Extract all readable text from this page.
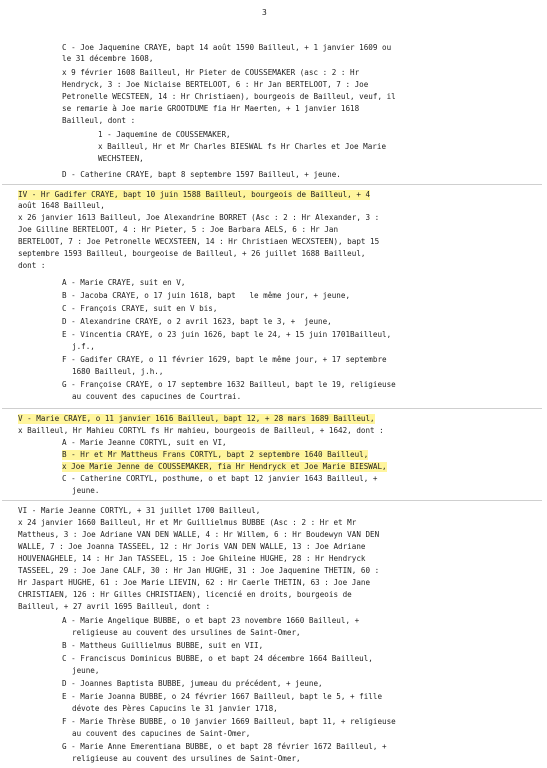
3
C - Joe Jaquemine CRAYE, bapt 14 août 1590 Bailleul, + 1 janvier 1609 ou
le 31 décembre 1608,
x 9 février 1608 Bailleul, Hr Pieter de COUSSEMAKER (asc : 2 : Hr
Hendryck, 3 : Joe Niclaise BERTELOOT, 6 : Hr Jan BERTELOOT, 7 : Joe
Petronelle WECSTEEN, 14 : Hr Christiaen), bourgeois de Bailleul, veuf, il
se remarie à Joe marie GROOTDUME fia Hr Maerten, + 1 janvier 1618
Bailleul, dont :
1 - Jaquemine de COUSSEMAKER,
x Bailleul, Hr et Mr Charles BIESWAL fs Hr Charles et Joe Marie
WECHSTEEN,
D - Catherine CRAYE, bapt 8 septembre 1597 Bailleul, + jeune.
IV - Hr Gadifer CRAYE, bapt 10 juin 1588 Bailleul, bourgeois de Bailleul, + 4
août 1648 Bailleul,
x 26 janvier 1613 Bailleul, Joe Alexandrine BORRET (Asc : 2 : Hr Alexander, 3 :
Joe Gilline BERTELOOT, 4 : Hr Pieter, 5 : Joe Barbara AELS, 6 : Hr Jan
BERTELOOT, 7 : Joe Petronelle WECXSTEEN, 14 : Hr Christiaen WECXSTEEN), bapt 15
septembre 1593 Bailleul, bourgeoise de Bailleul, + 26 juillet 1688 Bailleul,
dont :
A - Marie CRAYE, suit en V,
B - Jacoba CRAYE, o 17 juin 1618, bapt   le même jour, + jeune,
C - François CRAYE, suit en V bis,
D - Alexandrine CRAYE, o 2 avril 1623, bapt le 3, +  jeune,
E - Vincentia CRAYE, o 23 juin 1626, bapt le 24, + 15 juin 1701Bailleul,
j.f.,
F - Gadifer CRAYE, o 11 février 1629, bapt le même jour, + 17 septembre
1680 Bailleul, j.h.,
G - Françoise CRAYE, o 17 septembre 1632 Bailleul, bapt le 19, religieuse
au couvent des capucines de Courtrai.
V - Marie CRAYE, o 11 janvier 1616 Bailleul, bapt 12, + 28 mars 1689 Bailleul,
x Bailleul, Hr Mahieu CORTYL fs Hr mahieu, bourgeois de Bailleul, + 1642, dont :
A - Marie Jeanne CORTYL, suit en VI,
B - Hr et Mr Mattheus Frans CORTYL, bapt 2 septembre 1640 Bailleul,
x Joe Marie Jenne de COUSSEMAKER, fia Hr Hendryck et Joe Marie BIESWAL,
C - Catherine CORTYL, posthume, o et bapt 12 janvier 1643 Bailleul, +
jeune.
VI - Marie Jeanne CORTYL, + 31 juillet 1700 Bailleul,
x 24 janvier 1660 Bailleul, Hr et Mr Guillielmus BUBBE (Asc : 2 : Hr et Mr
Mattheus, 3 : Joe Adriane VAN DEN WALLE, 4 : Hr Willem, 6 : Hr Boudewyn VAN DEN
WALLE, 7 : Joe Joanna TASSEEL, 12 : Hr Joris VAN DEN WALLE, 13 : Joe Adriane
HOUVENAGHELE, 14 : Hr Jan TASSEEL, 15 : Joe Ghileine HUGHE, 28 : Hr Hendryck
TASSEEL, 29 : Joe Jane CALF, 30 : Hr Jan HUGHE, 31 : Joe Jaquemine THETIN, 60 :
Hr Jaspart HUGHE, 61 : Joe Marie LIEVIN, 62 : Hr Caerle THETIN, 63 : Joe Jane
CHRISTIAEN, 126 : Hr Gilles CHRISTIAEN), licencié en droits, bourgeois de
Bailleul, + 27 avril 1695 Bailleul, dont :
A - Marie Angelique BUBBE, o et bapt 23 novembre 1660 Bailleul, +
religieuse au couvent des ursulines de Saint-Omer,
B - Mattheus Guillielmus BUBBE, suit en VII,
C - Franciscus Dominicus BUBBE, o et bapt 24 décembre 1664 Bailleul,
jeune,
D - Joannes Baptista BUBBE, jumeau du précédent, + jeune,
E - Marie Joanna BUBBE, o 24 février 1667 Bailleul, bapt le 5, + fille
dévote des Pères Capucins le 31 janvier 1718,
F - Marie Thrèse BUBBE, o 10 janvier 1669 Bailleul, bapt 11, + religieuse
au couvent des capucines de Saint-Omer,
G - Marie Anne Emerentiana BUBBE, o et bapt 28 février 1672 Bailleul, +
religieuse au couvent des ursulines de Saint-Omer,
